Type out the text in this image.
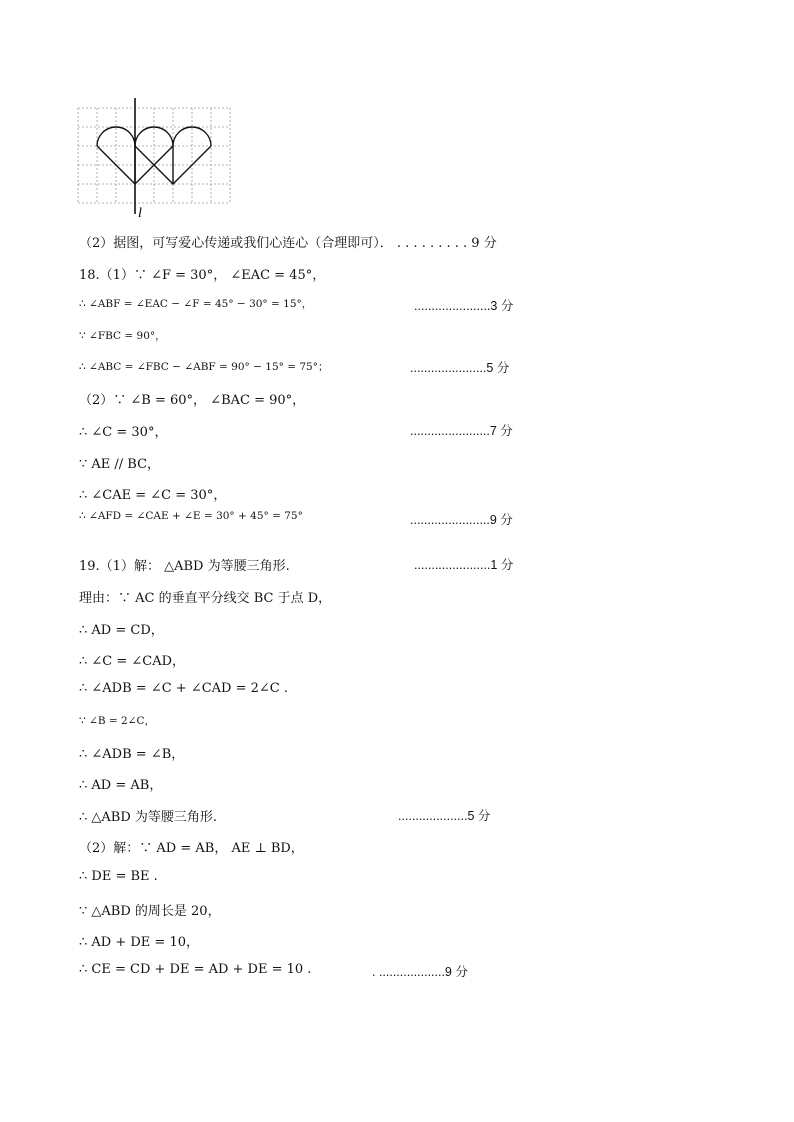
l
（2）据图，可写爱心传递或我们心连心（合理即可）． . . . . . . . . . 9 分
18.（1）∵ ∠F = 30°， ∠EAC = 45°，
∴ ∠ABF = ∠EAC − ∠F = 45° − 30° = 15°，	......................3 分
∵ ∠FBC = 90°，
∴ ∠ABC = ∠FBC − ∠ABF = 90° − 15° = 75°；	......................5 分
（2）∵ ∠B = 60°， ∠BAC = 90°，
∴ ∠C = 30°，	.......................7 分
∵ AE // BC，
∴ ∠CAE = ∠C = 30°，
∴ ∠AFD = ∠CAE + ∠E = 30° + 45° = 75°	.......................9 分
19.（1）解： △ABD 为等腰三角形.	......................1 分
理由：∵ AC 的垂直平分线交 BC 于点 D，
∴ AD = CD，
∴ ∠C = ∠CAD，
∴ ∠ADB = ∠C + ∠CAD = 2∠C .
∵ ∠B = 2∠C，
∴ ∠ADB = ∠B，
∴ AD = AB，
∴ △ABD 为等腰三角形.	....................5 分
（2）解：∵ AD = AB， AE ⊥ BD，
∴ DE = BE .
∵ △ABD 的周长是 20，
∴ AD + DE = 10，
∴ CE = CD + DE = AD + DE = 10 .	. ...................9 分
